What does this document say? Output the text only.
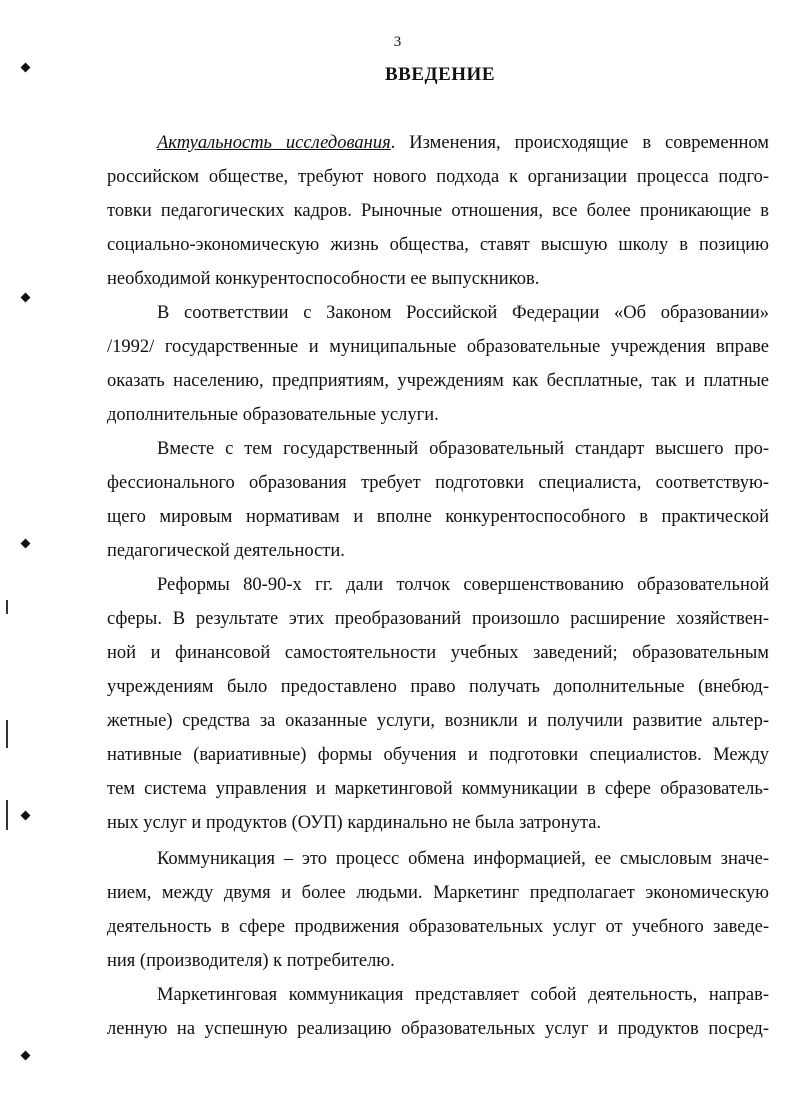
3
ВВЕДЕНИЕ
Актуальность исследования. Изменения, происходящие в современном
российском обществе, требуют нового подхода к организации процесса подго-
товки педагогических кадров. Рыночные отношения, все более проникающие в
социально-экономическую жизнь общества, ставят высшую школу в позицию
необходимой конкурентоспособности ее выпускников.
В соответствии с Законом Российской Федерации «Об образовании»
/1992/ государственные и муниципальные образовательные учреждения вправе
оказать населению, предприятиям, учреждениям как бесплатные, так и платные
дополнительные образовательные услуги.
Вместе с тем государственный образовательный стандарт высшего про-
фессионального образования требует подготовки специалиста, соответствую-
щего мировым нормативам и вполне конкурентоспособного в практической
педагогической деятельности.
Реформы 80-90-х гг. дали толчок совершенствованию образовательной
сферы. В результате этих преобразований произошло расширение хозяйствен-
ной и финансовой самостоятельности учебных заведений; образовательным
учреждениям было предоставлено право получать дополнительные (внебюд-
жетные) средства за оказанные услуги, возникли и получили развитие альтер-
нативные (вариативные) формы обучения и подготовки специалистов. Между
тем система управления и маркетинговой коммуникации в сфере образователь-
ных услуг и продуктов (ОУП) кардинально не была затронута.
Коммуникация – это процесс обмена информацией, ее смысловым значе-
нием, между двумя и более людьми. Маркетинг предполагает экономическую
деятельность в сфере продвижения образовательных услуг от учебного заведе-
ния (производителя) к потребителю.
Маркетинговая коммуникация представляет собой деятельность, направ-
ленную на успешную реализацию образовательных услуг и продуктов посред-
